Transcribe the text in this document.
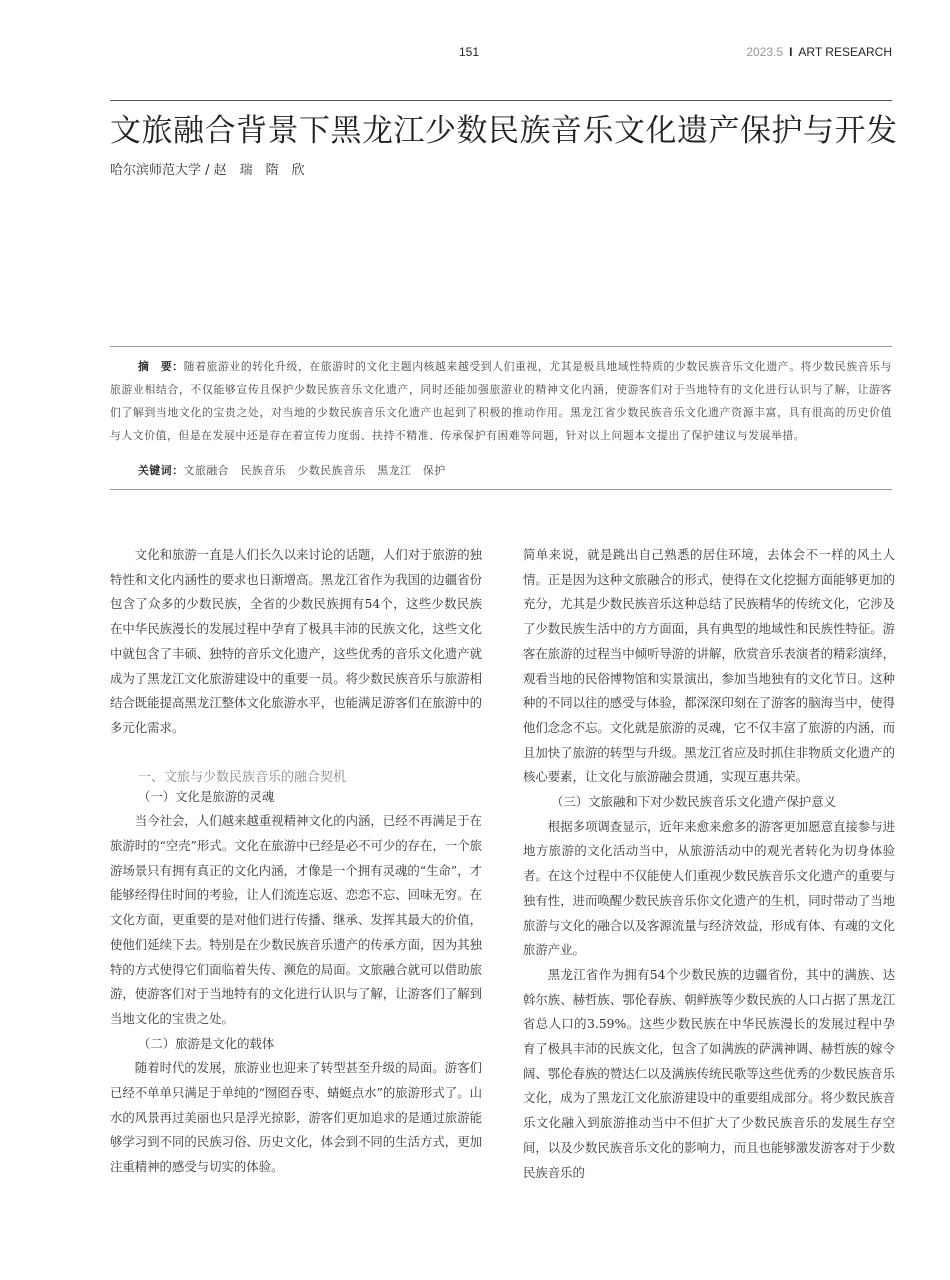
151	2023.5 I ART RESEARCH
文旅融合背景下黑龙江少数民族音乐文化遗产保护与开发
哈尔滨师范大学 / 赵　瑞　隋　欣
摘　要：随着旅游业的转化升级，在旅游时的文化主题内核越来越受到人们重视，尤其是极具地域性特质的少数民族音乐文化遗产。将少数民族音乐与旅游业相结合，不仅能够宣传且保护少数民族音乐文化遗产，同时还能加强旅游业的精神文化内涵，使游客们对于当地特有的文化进行认识与了解，让游客们了解到当地文化的宝贵之处，对当地的少数民族音乐文化遗产也起到了积极的推动作用。黑龙江省少数民族音乐文化遗产资源丰富，具有很高的历史价值与人文价值，但是在发展中还是存在着宣传力度弱、扶持不精准、传承保护有困难等问题，针对以上问题本文提出了保护建议与发展举措。
关键词：文旅融合　民族音乐　少数民族音乐　黑龙江　保护

文化和旅游一直是人们长久以来讨论的话题，人们对于旅游的独特性和文化内涵性的要求也日渐增高。黑龙江省作为我国的边疆省份包含了众多的少数民族，全省的少数民族拥有54个，这些少数民族在中华民族漫长的发展过程中孕育了极具丰沛的民族文化，这些文化中就包含了丰硕、独特的音乐文化遗产，这些优秀的音乐文化遗产就成为了黑龙江文化旅游建设中的重要一员。将少数民族音乐与旅游相结合既能提高黑龙江整体文化旅游水平，也能满足游客们在旅游中的多元化需求。

一、文旅与少数民族音乐的融合契机

（一）文化是旅游的灵魂

当今社会，人们越来越重视精神文化的内涵，已经不再满足于在旅游时的“空壳”形式。文化在旅游中已经是必不可少的存在，一个旅游场景只有拥有真正的文化内涵，才像是一个拥有灵魂的“生命”，才能够经得住时间的考验，让人们流连忘返、恋恋不忘、回味无穷。在文化方面，更重要的是对他们进行传播、继承、发挥其最大的价值，使他们延续下去。特别是在少数民族音乐遗产的传承方面，因为其独特的方式使得它们面临着失传、濒危的局面。文旅融合就可以借助旅游，使游客们对于当地特有的文化进行认识与了解，让游客们了解到当地文化的宝贵之处。

（二）旅游是文化的载体

随着时代的发展，旅游业也迎来了转型甚至升级的局面。游客们已经不单单只满足于单纯的“囫囵吞枣、蜻蜓点水”的旅游形式了。山水的风景再过美丽也只是浮光掠影，游客们更加追求的是通过旅游能够学习到不同的民族习俗、历史文化，体会到不同的生活方式，更加注重精神的感受与切实的体验。

简单来说，就是跳出自己熟悉的居住环境，去体会不一样的风土人情。正是因为这种文旅融合的形式，使得在文化挖掘方面能够更加的充分，尤其是少数民族音乐这种总结了民族精华的传统文化，它涉及了少数民族生活中的方方面面，具有典型的地域性和民族性特征。游客在旅游的过程当中倾听导游的讲解，欣赏音乐表演者的精彩演绎，观看当地的民俗博物馆和实景演出，参加当地独有的文化节日。这种种的不同以往的感受与体验，都深深印刻在了游客的脑海当中，使得他们念念不忘。文化就是旅游的灵魂，它不仅丰富了旅游的内涵，而且加快了旅游的转型与升级。黑龙江省应及时抓住非物质文化遗产的核心要素，让文化与旅游融会贯通，实现互惠共荣。

（三）文旅融和下对少数民族音乐文化遗产保护意义

根据多项调查显示，近年来愈来愈多的游客更加愿意直接参与进地方旅游的文化活动当中，从旅游活动中的观光者转化为切身体验者。在这个过程中不仅能使人们重视少数民族音乐文化遗产的重要与独有性，进而唤醒少数民族音乐你文化遗产的生机，同时带动了当地旅游与文化的融合以及客源流量与经济效益，形成有体、有魂的文化旅游产业。

黑龙江省作为拥有54个少数民族的边疆省份，其中的满族、达斡尔族、赫哲族、鄂伦春族、朝鲜族等少数民族的人口占据了黑龙江省总人口的3.59%。这些少数民族在中华民族漫长的发展过程中孕育了极具丰沛的民族文化，包含了如满族的萨满神调、赫哲族的嫁令阔、鄂伦春族的赞达仁以及满族传统民歌等这些优秀的少数民族音乐文化，成为了黑龙江文化旅游建设中的重要组成部分。将少数民族音乐文化融入到旅游推动当中不但扩大了少数民族音乐的发展生存空间，以及少数民族音乐文化的影响力，而且也能够激发游客对于少数民族音乐的
